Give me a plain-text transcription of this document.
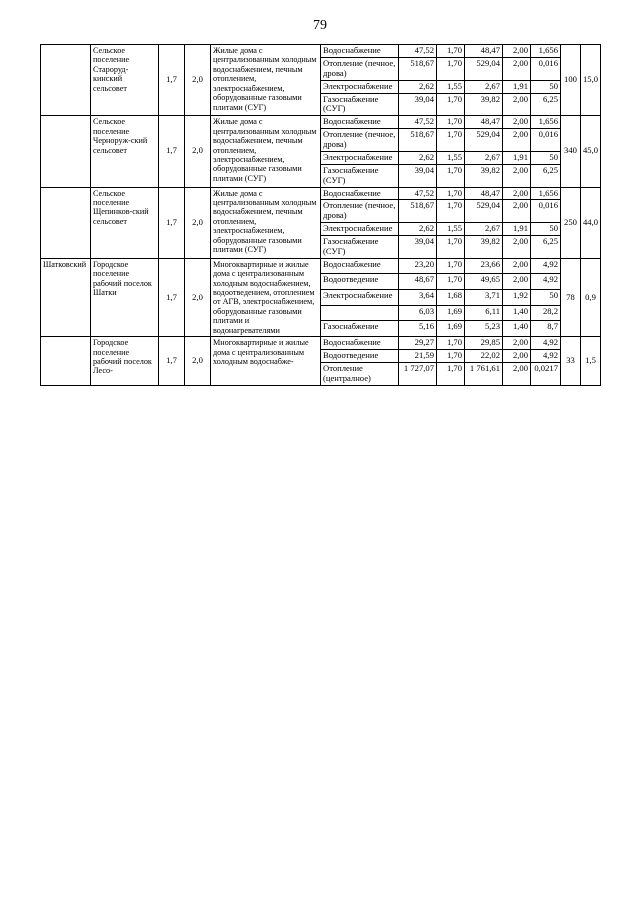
79
	Сельское поселение Староруд-кинский сельсовет	1,7	2,0	Жилые дома с централизованным холодным водоснабжением, печным отоплением, электроснабжением, оборудованные газовыми плитами (СУГ)	Водоснабжение	47,52	1,70	48,47	2,00	1,656	100	15,0
					Отопление (печное, дрова)	518,67	1,70	529,04	2,00	0,016		
					Электроснабжение	2,62	1,55	2,67	1,91	50		
					Газоснабжение (СУГ)	39,04	1,70	39,82	2,00	6,25		
	Сельское поселение Черноруж-ский сельсовет	1,7	2,0	Жилые дома с централизованным холодным водоснабжением, печным отоплением, электроснабжением, оборудованные газовыми плитами (СУГ)	Водоснабжение	47,52	1,70	48,47	2,00	1,656	340	45,0
					Отопление (печное, дрова)	518,67	1,70	529,04	2,00	0,016		
					Электроснабжение	2,62	1,55	2,67	1,91	50		
					Газоснабжение (СУГ)	39,04	1,70	39,82	2,00	6,25		
	Сельское поселение Щепинков-ский сельсовет	1,7	2,0	Жилые дома с централизованным холодным водоснабжением, печным отоплением, электроснабжением, оборудованные газовыми плитами (СУГ)	Водоснабжение	47,52	1,70	48,47	2,00	1,656	250	44,0
					Отопление (печное, дрова)	518,67	1,70	529,04	2,00	0,016		
					Электроснабжение	2,62	1,55	2,67	1,91	50		
					Газоснабжение (СУГ)	39,04	1,70	39,82	2,00	6,25		
Шатковский	Городское поселение рабочий поселок Шатки	1,7	2,0	Многоквартирные и жилые дома с централизованным холодным водоснабжением, водоотведением, отоплением от АГВ, электроснабжением, оборудованные газовыми плитами и водонагревателями	Водоснабжение	23,20	1,70	23,66	2,00	4,92	78	0,9
					Водоотведение	48,67	1,70	49,65	2,00	4,92		
					Электроснабжение	3,64	1,68	3,71	1,92	50		
						6,03	1,69	6,11	1,40	28,2		
					Газоснабжение	5,16	1,69	5,23	1,40	8,7		
	Городское поселение рабочий поселок Лесо-	1,7	2,0	Многоквартирные и жилые дома с централизованным холодным водоснабже-	Водоснабжение	29,27	1,70	29,85	2,00	4,92	33	1,5
					Водоотведение	21,59	1,70	22,02	2,00	4,92		
					Отопление (централное)	1 727,07	1,70	1 761,61	2,00	0,0217		
